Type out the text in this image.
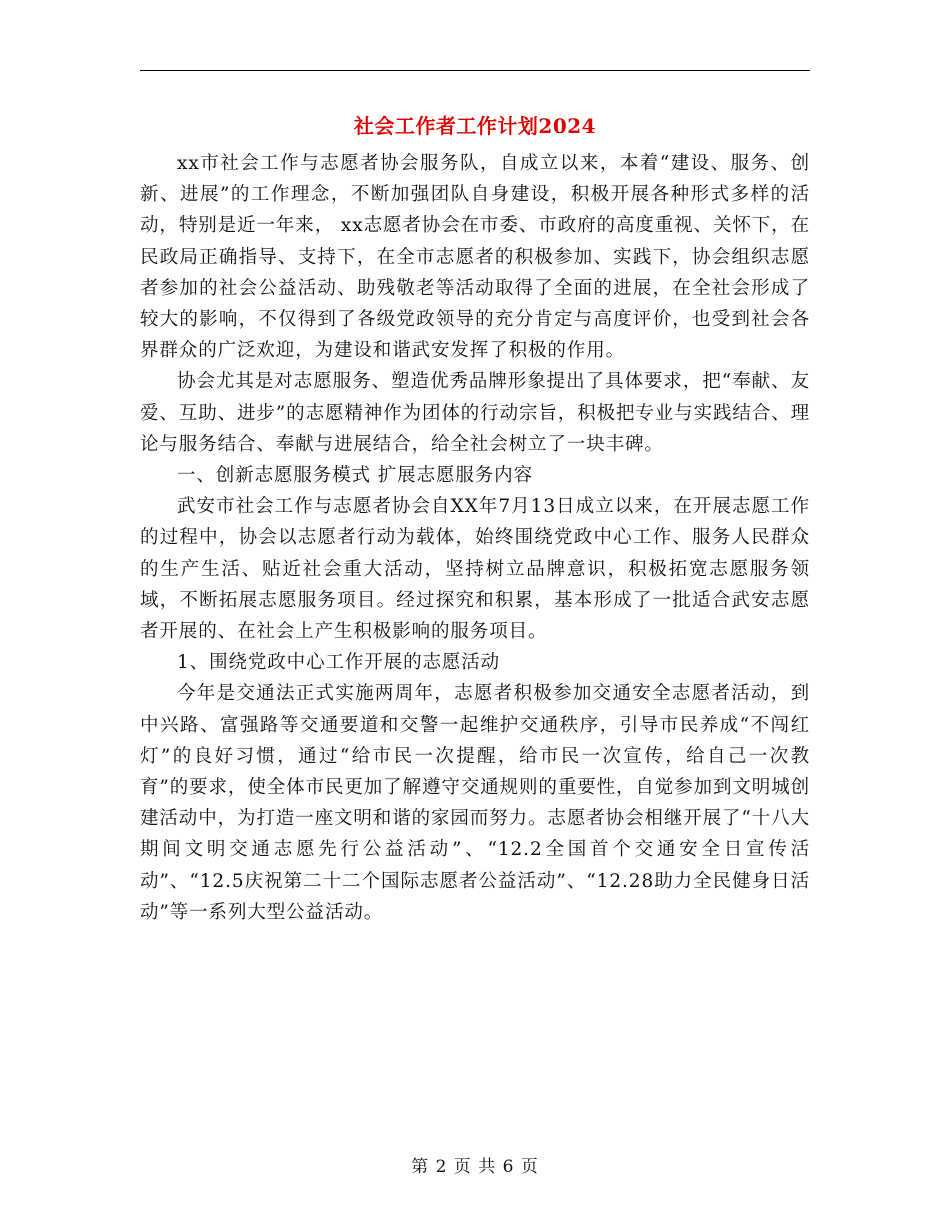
社会工作者工作计划2024

xx市社会工作与志愿者协会服务队，自成立以来，本着“建设、服务、创新、进展”的工作理念，不断加强团队自身建设，积极开展各种形式多样的活动，特别是近一年来， xx志愿者协会在市委、市政府的高度重视、关怀下，在民政局正确指导、支持下，在全市志愿者的积极参加、实践下，协会组织志愿者参加的社会公益活动、助残敬老等活动取得了全面的进展，在全社会形成了较大的影响，不仅得到了各级党政领导的充分肯定与高度评价，也受到社会各界群众的广泛欢迎，为建设和谐武安发挥了积极的作用。

协会尤其是对志愿服务、塑造优秀品牌形象提出了具体要求，把“奉献、友爱、互助、进步”的志愿精神作为团体的行动宗旨，积极把专业与实践结合、理论与服务结合、奉献与进展结合，给全社会树立了一块丰碑。

一、创新志愿服务模式 扩展志愿服务内容

武安市社会工作与志愿者协会自XX年7月13日成立以来，在开展志愿工作的过程中，协会以志愿者行动为载体，始终围绕党政中心工作、服务人民群众的生产生活、贴近社会重大活动，坚持树立品牌意识，积极拓宽志愿服务领域，不断拓展志愿服务项目。经过探究和积累，基本形成了一批适合武安志愿者开展的、在社会上产生积极影响的服务项目。

1、围绕党政中心工作开展的志愿活动

今年是交通法正式实施两周年，志愿者积极参加交通安全志愿者活动，到中兴路、富强路等交通要道和交警一起维护交通秩序，引导市民养成“不闯红灯”的良好习惯，通过“给市民一次提醒，给市民一次宣传，给自己一次教育”的要求，使全体市民更加了解遵守交通规则的重要性，自觉参加到文明城创建活动中，为打造一座文明和谐的家园而努力。志愿者协会相继开展了“十八大期间文明交通志愿先行公益活动”、“12.2全国首个交通安全日宣传活动”、“12.5庆祝第二十二个国际志愿者公益活动”、“12.28助力全民健身日活动”等一系列大型公益活动。

第 2 页 共 6 页
